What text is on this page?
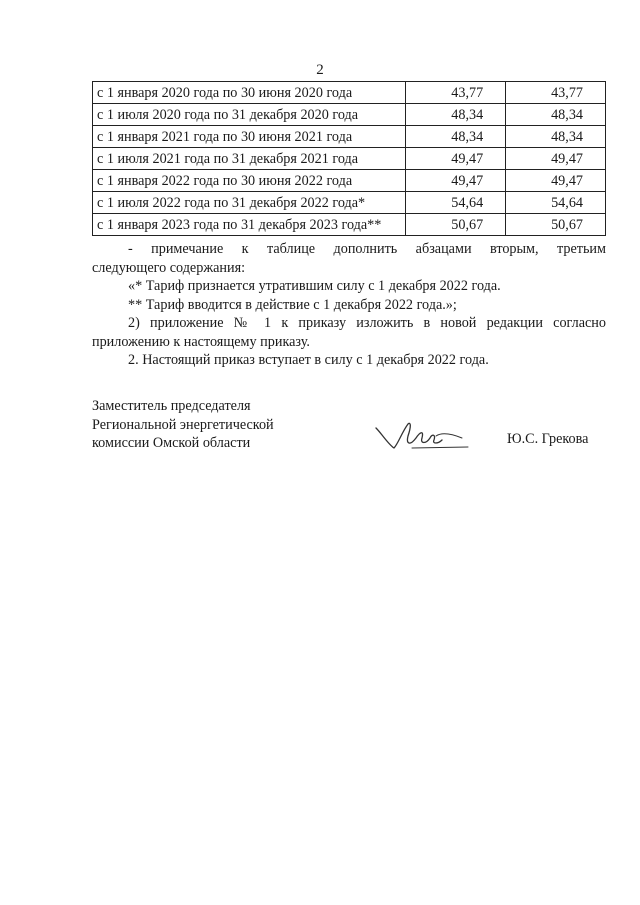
2
с 1 января 2020 года по 30 июня 2020 года	43,77	43,77
с 1 июля 2020 года по 31 декабря 2020 года	48,34	48,34
с 1 января 2021 года по 30 июня 2021 года	48,34	48,34
с 1 июля 2021 года по 31 декабря 2021 года	49,47	49,47
с 1 января 2022 года по 30 июня 2022 года	49,47	49,47
с 1 июля 2022 года по 31 декабря 2022 года*	54,64	54,64
с 1 января 2023 года по 31 декабря 2023 года**	50,67	50,67

- примечание к таблице дополнить абзацами вторым, третьим

следующего содержания:

«* Тариф признается утратившим силу с 1 декабря 2022 года.

** Тариф вводится в действие с 1 декабря 2022 года.»;

2) приложение № 1 к приказу изложить в новой редакции согласно

приложению к настоящему приказу.

2. Настоящий приказ вступает в силу с 1 декабря 2022 года.

Заместитель председателя

Региональной энергетической

комиссии Омской области	Ю.С. Грекова
